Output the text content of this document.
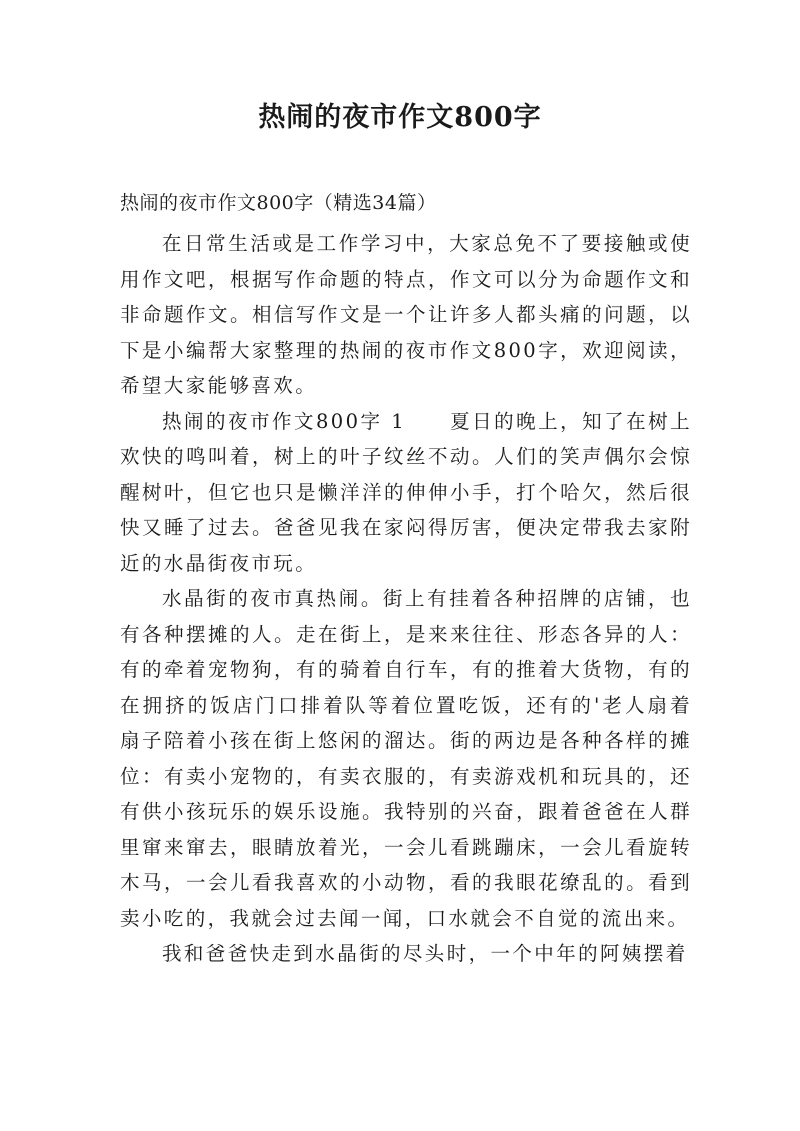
热闹的夜市作文800字
热闹的夜市作文800字（精选34篇）

在日常生活或是工作学习中，大家总免不了要接触或使用作文吧，根据写作命题的特点，作文可以分为命题作文和非命题作文。相信写作文是一个让许多人都头痛的问题，以下是小编帮大家整理的热闹的夜市作文800字，欢迎阅读，希望大家能够喜欢。

热闹的夜市作文800字 1　　夏日的晚上，知了在树上欢快的鸣叫着，树上的叶子纹丝不动。人们的笑声偶尔会惊醒树叶，但它也只是懒洋洋的伸伸小手，打个哈欠，然后很快又睡了过去。爸爸见我在家闷得厉害，便决定带我去家附近的水晶街夜市玩。

水晶街的夜市真热闹。街上有挂着各种招牌的店铺，也有各种摆摊的人。走在街上，是来来往往、形态各异的人：有的牵着宠物狗，有的骑着自行车，有的推着大货物，有的在拥挤的饭店门口排着队等着位置吃饭，还有的'老人扇着扇子陪着小孩在街上悠闲的溜达。街的两边是各种各样的摊位：有卖小宠物的，有卖衣服的，有卖游戏机和玩具的，还有供小孩玩乐的娱乐设施。我特别的兴奋，跟着爸爸在人群里窜来窜去，眼睛放着光，一会儿看跳蹦床，一会儿看旋转木马，一会儿看我喜欢的小动物，看的我眼花缭乱的。看到卖小吃的，我就会过去闻一闻，口水就会不自觉的流出来。

我和爸爸快走到水晶街的尽头时，一个中年的阿姨摆着
